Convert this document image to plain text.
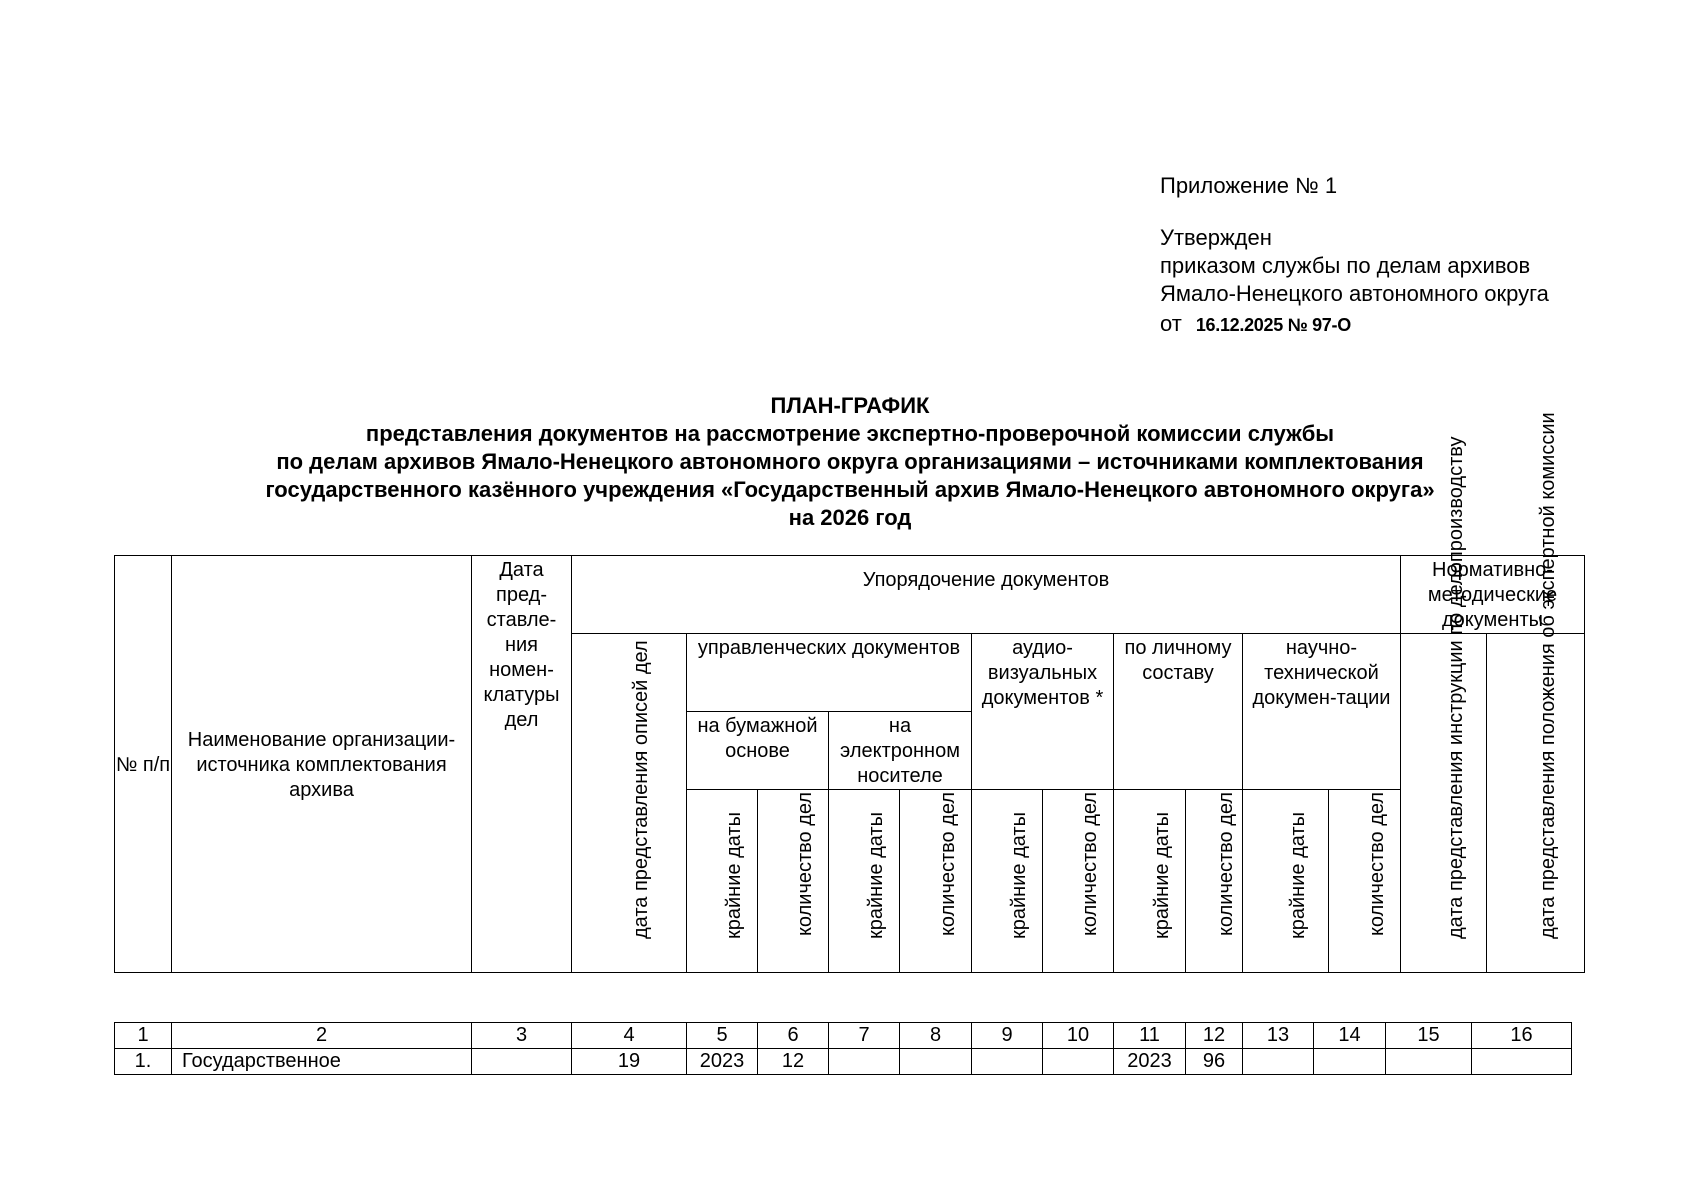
Приложение № 1
Утвержден
приказом службы по делам архивов
Ямало-Ненецкого автономного округа
от 16.12.2025 № 97-О
ПЛАН-ГРАФИК
представления документов на рассмотрение экспертно-проверочной комиссии службы
по делам архивов Ямало-Ненецкого автономного округа организациями – источниками комплектования
государственного казённого учреждения «Государственный архив Ямало-Ненецкого автономного округа»
на 2026 год
№ п/п	Наименование организации-источника комплектования архива	Дата пред-ставле-ния номен-клатуры дел	Упорядочение документов											Нормативно-методические документы	

			дата представления описей дел	управленческих документов				аудио-визуальных документов *		по личному составу		научно-технической докумен-тации		дата представления инструкции по делопроизводству	дата представления положения об экспертной комиссии

				на бумажной основе		на электронном носителе									

				крайние даты	количество дел	крайние даты	количество дел	крайние даты	количество дел	крайние даты	количество дел	крайние даты	количество дел		
1	2	3	4	5	6	7	8	9	10	11	12	13	14	15	16
1.	Государственное		19	2023	12					2023	96				
